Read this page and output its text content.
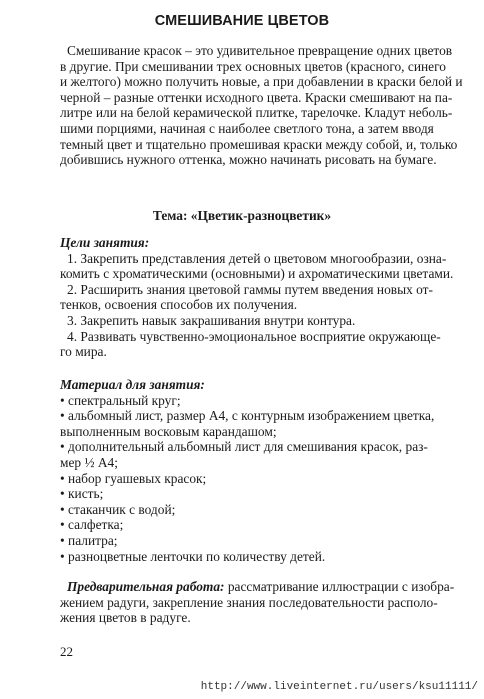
СМЕШИВАНИЕ ЦВЕТОВ

Смешивание красок – это удивительное превращение одних цветов

в другие. При смешивании трех основных цветов (красного, синего

и желтого) можно получить новые, а при добавлении в краски белой и

черной – разные оттенки исходного цвета. Краски смешивают на па-

литре или на белой керамической плитке, тарелочке. Кладут неболь-

шими порциями, начиная с наиболее светлого тона, а затем вводя

темный цвет и тщательно промешивая краски между собой, и, только

добившись нужного оттенка, можно начинать рисовать на бумаге.

Тема: «Цветик-разноцветик»

Цели занятия:

1. Закрепить представления детей о цветовом многообразии, озна-

комить с хроматическими (основными) и ахроматическими цветами.

2. Расширить знания цветовой гаммы путем введения новых от-

тенков, освоения способов их получения.

3. Закрепить навык закрашивания внутри контура.

4. Развивать чувственно-эмоциональное восприятие окружающе-

го мира.

Материал для занятия:

• спектральный круг;

• альбомный лист, размер А4, с контурным изображением цветка,

выполненным восковым карандашом;

• дополнительный альбомный лист для смешивания красок, раз-

мер ½ А4;

• набор гуашевых красок;

• кисть;

• стаканчик с водой;

• салфетка;

• палитра;

• разноцветные ленточки по количеству детей.

Предварительная работа: рассматривание иллюстрации с изобра-

жением радуги, закрепление знания последовательности располо-

жения цветов в радуге.

22
http://www.liveinternet.ru/users/ksu11111/
